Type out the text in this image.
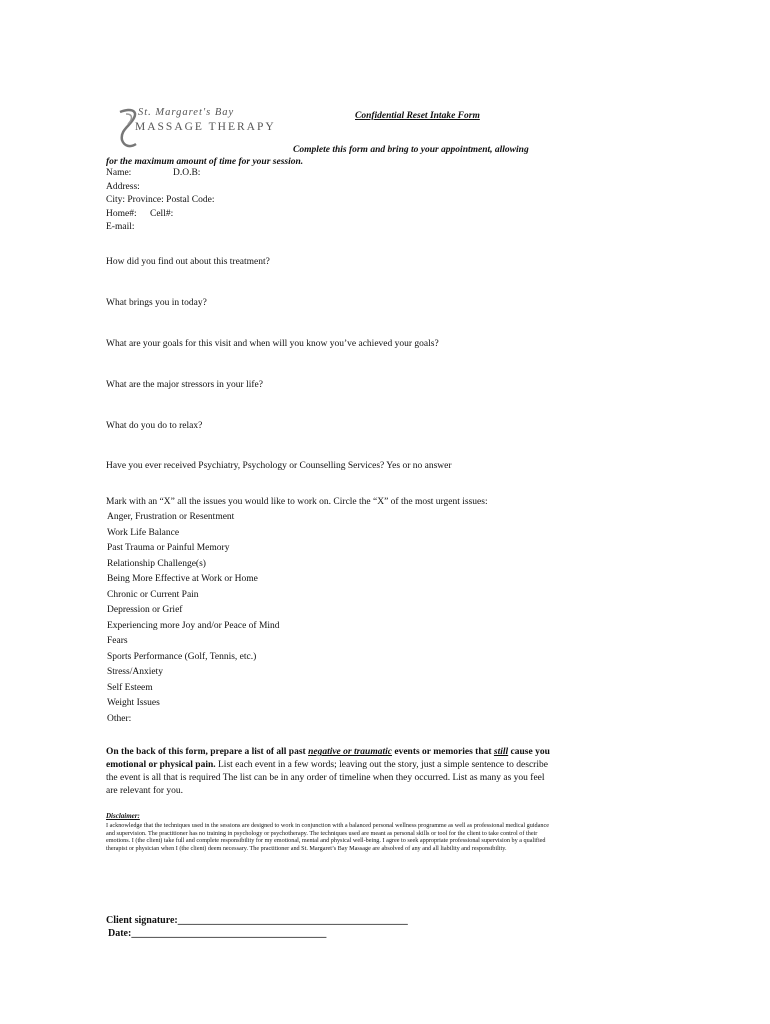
St. Margaret's Bay
MASSAGE THERAPY
Confidential Reset Intake Form
Complete this form and bring to your appointment, allowing
for the maximum amount of time for your session.
Name:	D.O.B:
Address:
City: Province: Postal Code:
Home#: Cell#:
E-mail:
How did you find out about this treatment?
What brings you in today?
What are your goals for this visit and when will you know you’ve achieved your goals?
What are the major stressors in your life?
What do you do to relax?
Have you ever received Psychiatry, Psychology or Counselling Services? Yes or no answer
Mark with an “X” all the issues you would like to work on. Circle the “X” of the most urgent issues:
Anger, Frustration or Resentment
Work Life Balance
Past Trauma or Painful Memory
Relationship Challenge(s)
Being More Effective at Work or Home
Chronic or Current Pain
Depression or Grief
Experiencing more Joy and/or Peace of Mind
Fears
Sports Performance (Golf, Tennis, etc.)
Stress/Anxiety
Self Esteem
Weight Issues
Other:
On the back of this form, prepare a list of all past negative or traumatic events or memories that still cause you emotional or physical pain. List each event in a few words; leaving out the story, just a simple sentence to describe the event is all that is required The list can be in any order of timeline when they occurred. List as many as you feel are relevant for you.
Disclaimer:
I acknowledge that the techniques used in the sessions are designed to work in conjunction with a balanced personal wellness programme as well as professional medical guidance and supervision. The practitioner has no training in psychology or psychotherapy. The techniques used are meant as personal skills or tool for the client to take control of their emotions. I (the client) take full and complete responsibility for my emotional, mental and physical well-being. I agree to seek appropriate professional supervision by a qualified therapist or physician when I (the client) deem necessary. The practitioner and St. Margaret’s Bay Massage are absolved of any and all liability and responsibility.
Client signature:______________________________________________
Date:_______________________________________
